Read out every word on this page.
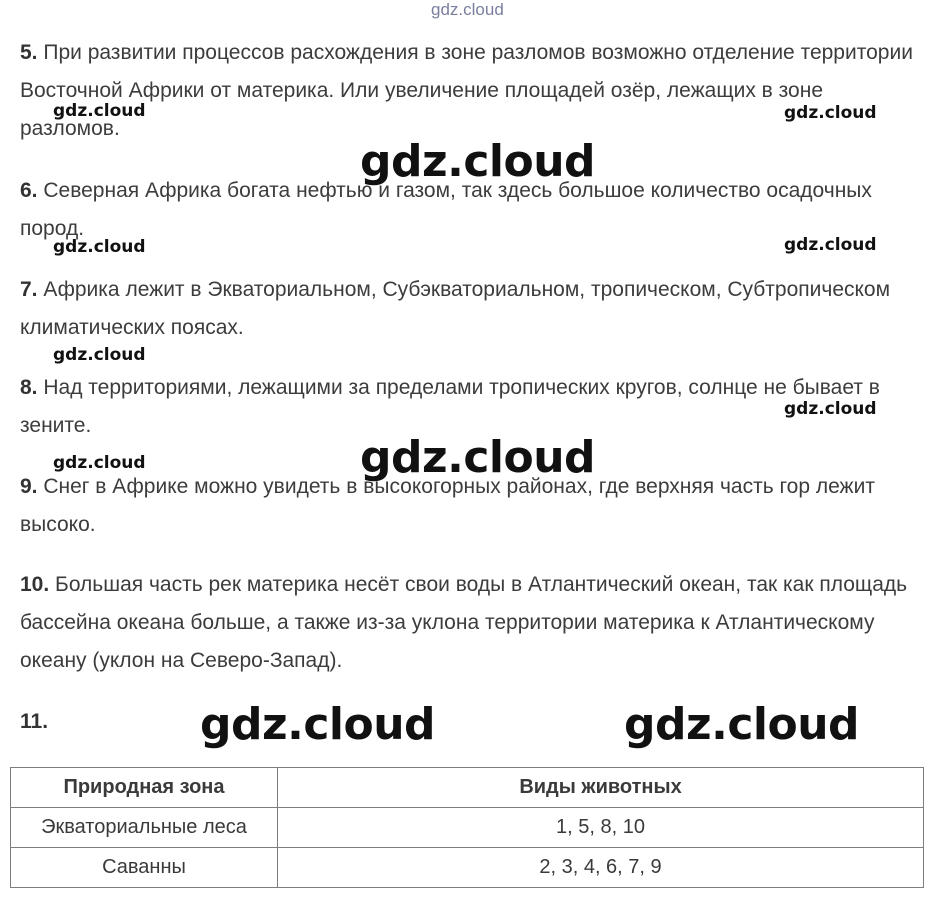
gdz.cloud
5. При развитии процессов расхождения в зоне разломов возможно отделение территории Восточной Африки от материка. Или увеличение площадей озёр, лежащих в зоне разломов.
6. Северная Африка богата нефтью и газом, так здесь большое количество осадочных пород.
7. Африка лежит в Экваториальном, Субэкваториальном, тропическом, Субтропическом климатических поясах.
8. Над территориями, лежащими за пределами тропических кругов, солнце не бывает в зените.
9. Снег в Африке можно увидеть в высокогорных районах, где верхняя часть гор лежит высоко.
10. Большая часть рек материка несёт свои воды в Атлантический океан, так как площадь бассейна океана больше, а также из-за уклона территории материка к Атлантическому океану (уклон на Северо-Запад).
11.
Природная зона	Виды животных
Экваториальные леса	1, 5, 8, 10
Саванны	2, 3, 4, 6, 7, 9
gdz.cloud	gdz.cloud
gdz.cloud
gdz.cloud	gdz.cloud
gdz.cloud
gdz.cloud
gdz.cloud
gdz.cloud
gdz.cloud	gdz.cloud
